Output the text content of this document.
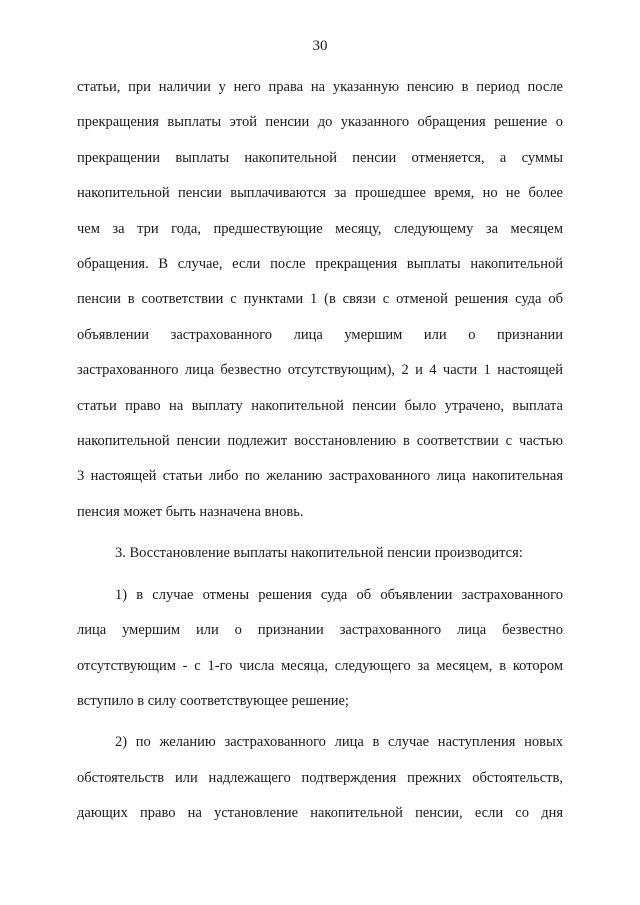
30

статьи, при наличии у него права на указанную пенсию в период после
прекращения выплаты этой пенсии до указанного обращения решение о
прекращении выплаты накопительной пенсии отменяется, а суммы
накопительной пенсии выплачиваются за прошедшее время, но не более
чем за три года, предшествующие месяцу, следующему за месяцем
обращения. В случае, если после прекращения выплаты накопительной
пенсии в соответствии с пунктами 1 (в связи с отменой решения суда об
объявлении застрахованного лица умершим или о признании
застрахованного лица безвестно отсутствующим), 2 и 4 части 1 настоящей
статьи право на выплату накопительной пенсии было утрачено, выплата
накопительной пенсии подлежит восстановлению в соответствии с частью
3 настоящей статьи либо по желанию застрахованного лица накопительная
пенсия может быть назначена вновь.

3. Восстановление выплаты накопительной пенсии производится:

1) в случае отмены решения суда об объявлении застрахованного
лица умершим или о признании застрахованного лица безвестно
отсутствующим - с 1-го числа месяца, следующего за месяцем, в котором
вступило в силу соответствующее решение;

2) по желанию застрахованного лица в случае наступления новых
обстоятельств или надлежащего подтверждения прежних обстоятельств,
дающих право на установление накопительной пенсии, если со дня
